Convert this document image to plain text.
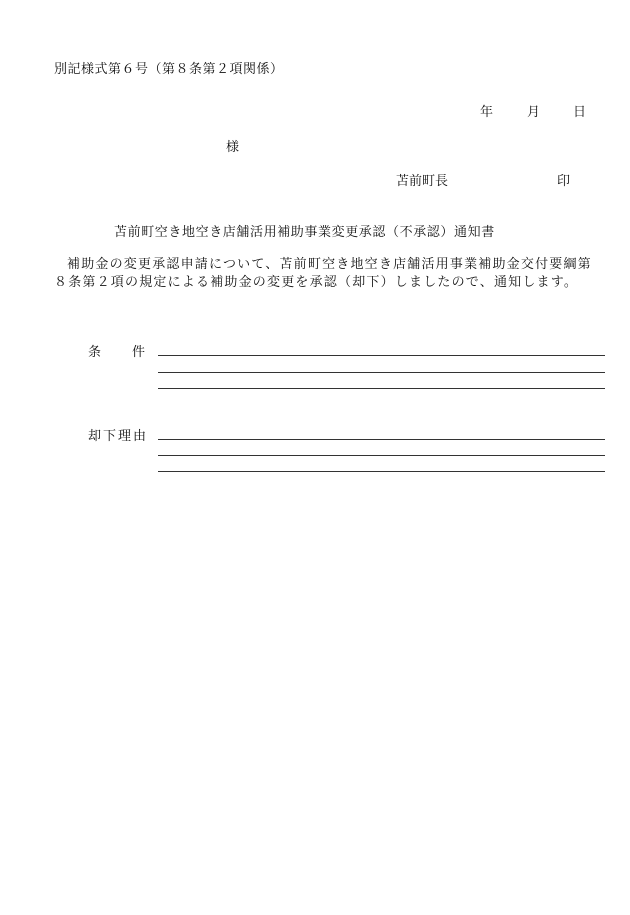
別記様式第６号（第８条第２項関係）
年	月	日
様
苫前町長	印
苫前町空き地空き店舗活用補助事業変更承認（不承認）通知書
補助金の変更承認申請について、苫前町空き地空き店舗活用事業補助金交付要綱第８条第２項の規定による補助金の変更を承認（却下）しましたので、通知します。
条 件
却下理由
